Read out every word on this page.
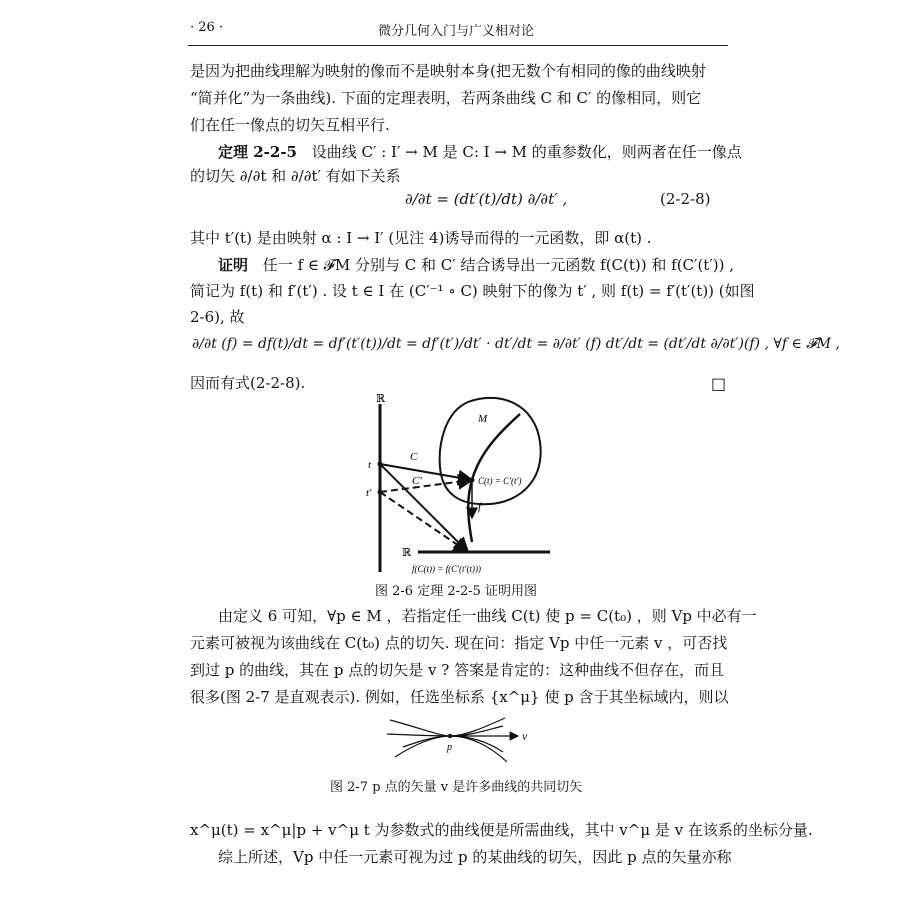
· 26 ·	微分几何入门与广义相对论
是因为把曲线理解为映射的像而不是映射本身(把无数个有相同的像的曲线映射
“简并化”为一条曲线). 下面的定理表明，若两条曲线 C 和 C′ 的像相同，则它
们在任一像点的切矢互相平行.
定理 2-2-5 设曲线 C′ : I′ → M 是 C: I → M 的重参数化，则两者在任一像点
的切矢 ∂/∂t 和 ∂/∂t′ 有如下关系
∂/∂t = (dt′(t)/dt) ∂/∂t′ ,	(2-2-8)
其中 t′(t) 是由映射 α : I → I′ (见注 4)诱导而得的一元函数，即 α(t) .
证明 任一 f ∈ 𝓕M 分别与 C 和 C′ 结合诱导出一元函数 f(C(t)) 和 f(C′(t′)) ,
简记为 f(t) 和 f′(t′) . 设 t ∈ I 在 (C′⁻¹ ∘ C) 映射下的像为 t′ , 则 f(t) = f′(t′(t)) (如图
2-6), 故
∂/∂t (f) = df(t)/dt = df′(t′(t))/dt = df′(t′)/dt′ · dt′/dt = ∂/∂t′ (f) dt′/dt = (dt′/dt ∂/∂t′)(f) , ∀f ∈ 𝓕M ,
因而有式(2-2-8).	□
ℝ
ℝ
M
t
t′
C
C′	C(t) = C′(t′)
f
f(C(t)) = f(C′(t′(t)))
图 2-6 定理 2-2-5 证明用图
由定义 6 可知，∀p ∈ M ，若指定任一曲线 C(t) 使 p = C(t₀) ，则 Vp 中必有一
元素可被视为该曲线在 C(t₀) 点的切矢. 现在问：指定 Vp 中任一元素 v ，可否找
到过 p 的曲线，其在 p 点的切矢是 v ? 答案是肯定的：这种曲线不但存在，而且
很多(图 2-7 是直观表示). 例如，任选坐标系 {x^μ} 使 p 含于其坐标域内，则以
p
v
图 2-7 p 点的矢量 v 是许多曲线的共同切矢
x^μ(t) = x^μ|p + v^μ t 为参数式的曲线便是所需曲线，其中 v^μ 是 v 在该系的坐标分量.
综上所述，Vp 中任一元素可视为过 p 的某曲线的切矢，因此 p 点的矢量亦称
